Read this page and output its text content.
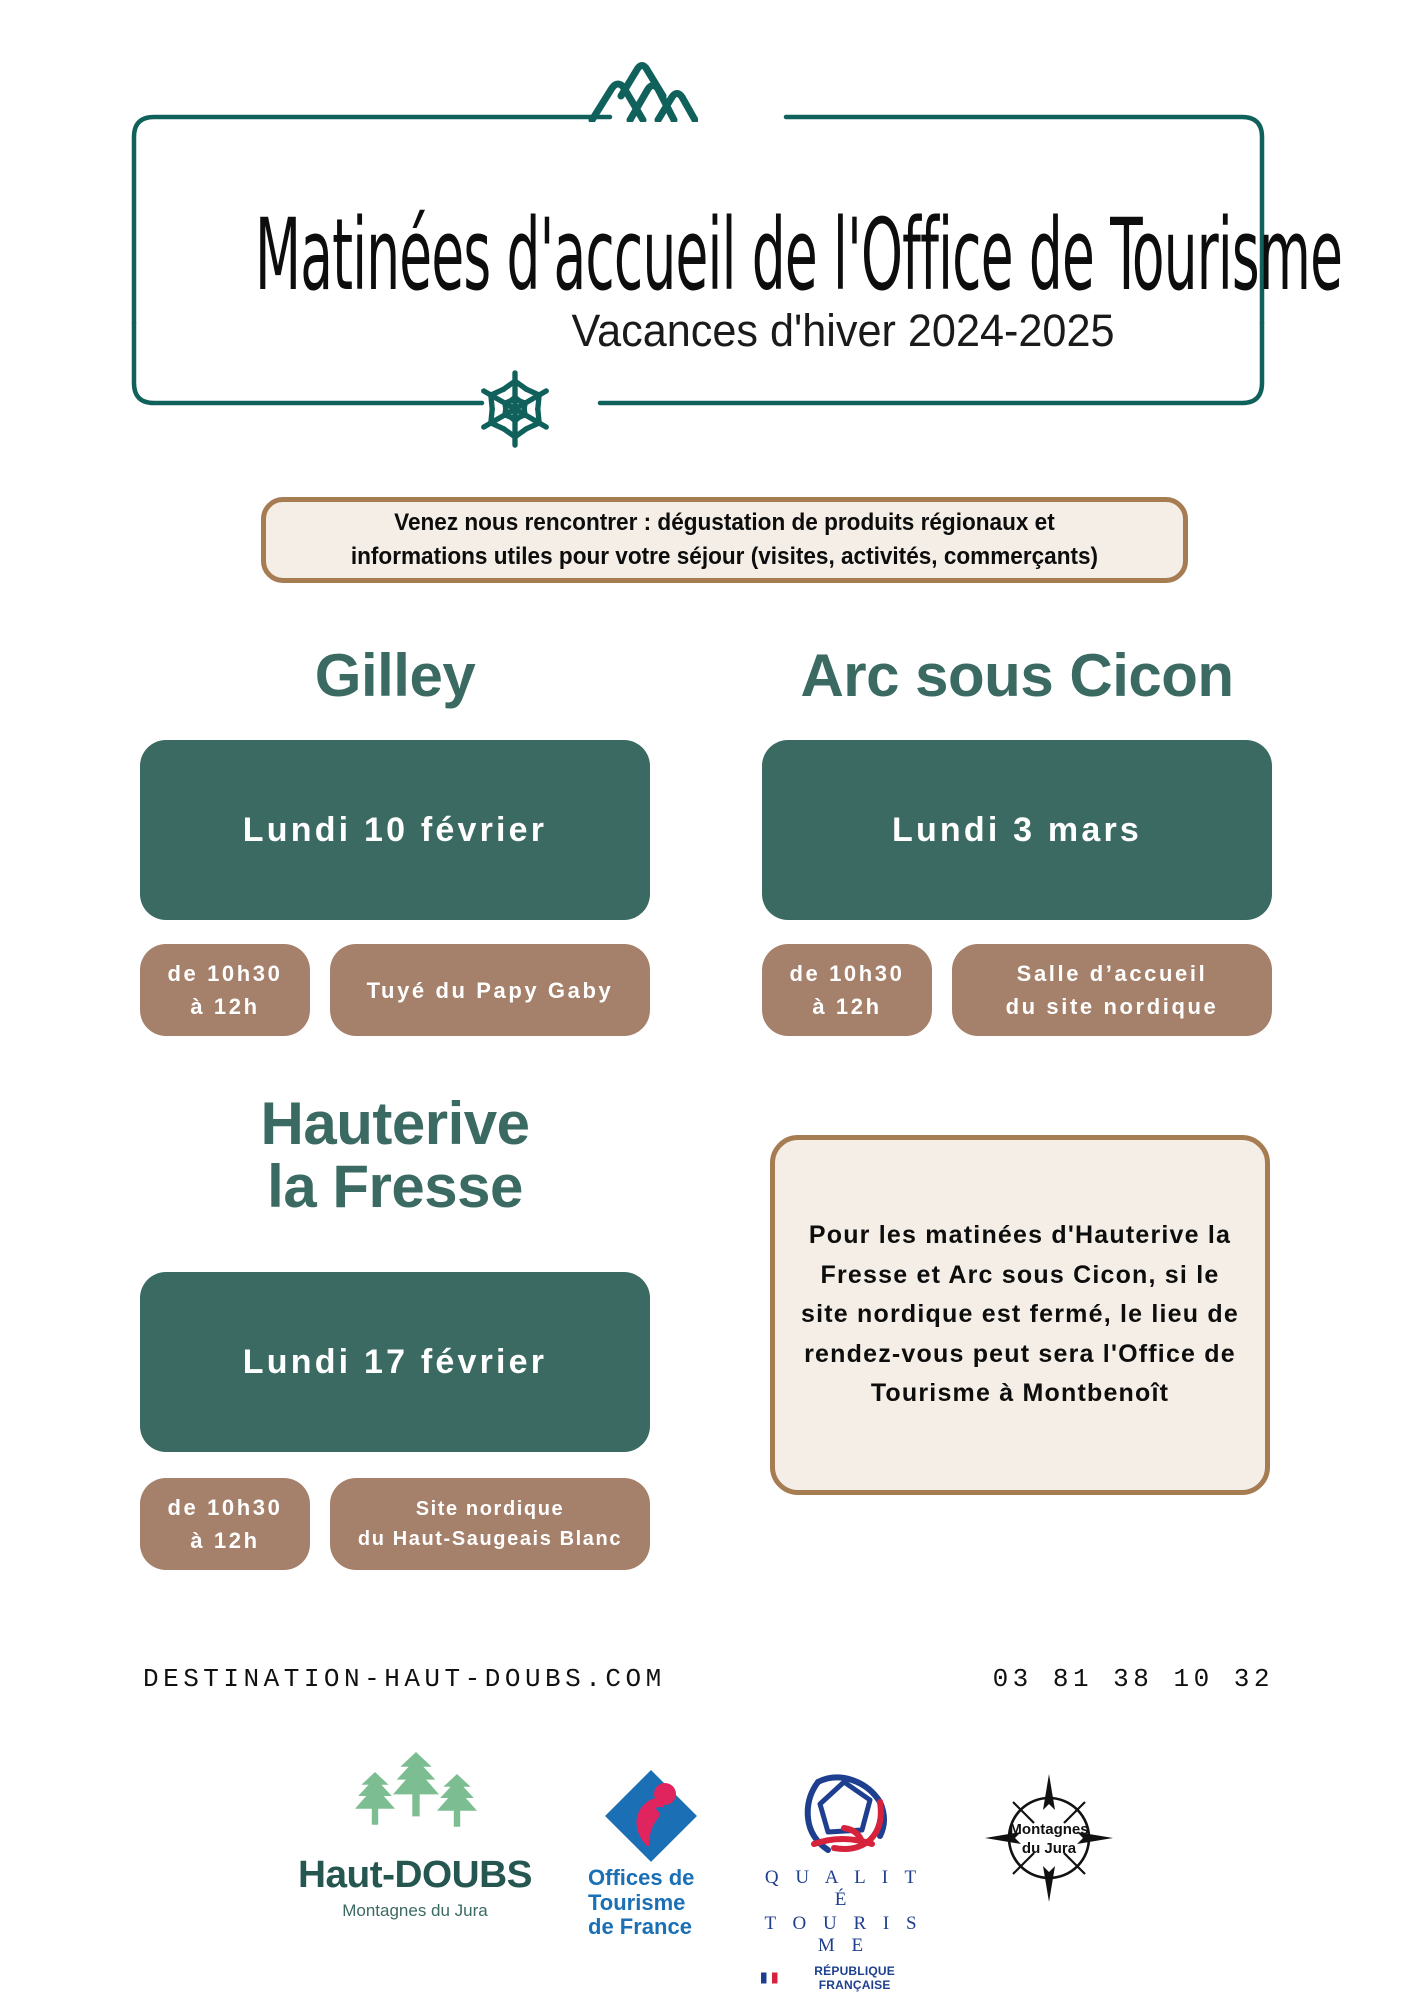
Matinées d'accueil de l'Office de Tourisme
Vacances d'hiver 2024-2025
Venez nous rencontrer : dégustation de produits régionaux et
informations utiles pour votre séjour (visites, activités, commerçants)
Gilley
Lundi 10 février
de 10h30
à 12h
Tuyé du Papy Gaby
Arc sous Cicon
Lundi 3 mars
de 10h30
à 12h
Salle d’accueil
du site nordique
Hauterive
la Fresse
Lundi 17 février
de 10h30
à 12h
Site nordique
du Haut-Saugeais Blanc
Pour les matinées d'Hauterive la Fresse et Arc sous Cicon, si le site nordique est fermé, le lieu de rendez-vous peut sera l'Office de Tourisme à Montbenoît
DESTINATION-HAUT-DOUBS.COM	03 81 38 10 32
Haut-DOUBS
Montagnes du Jura
Offices de
Tourisme
de France
Q U A L I T É
T O U R I S M E
RÉPUBLIQUE FRANÇAISE
Montagnes
du Jura
